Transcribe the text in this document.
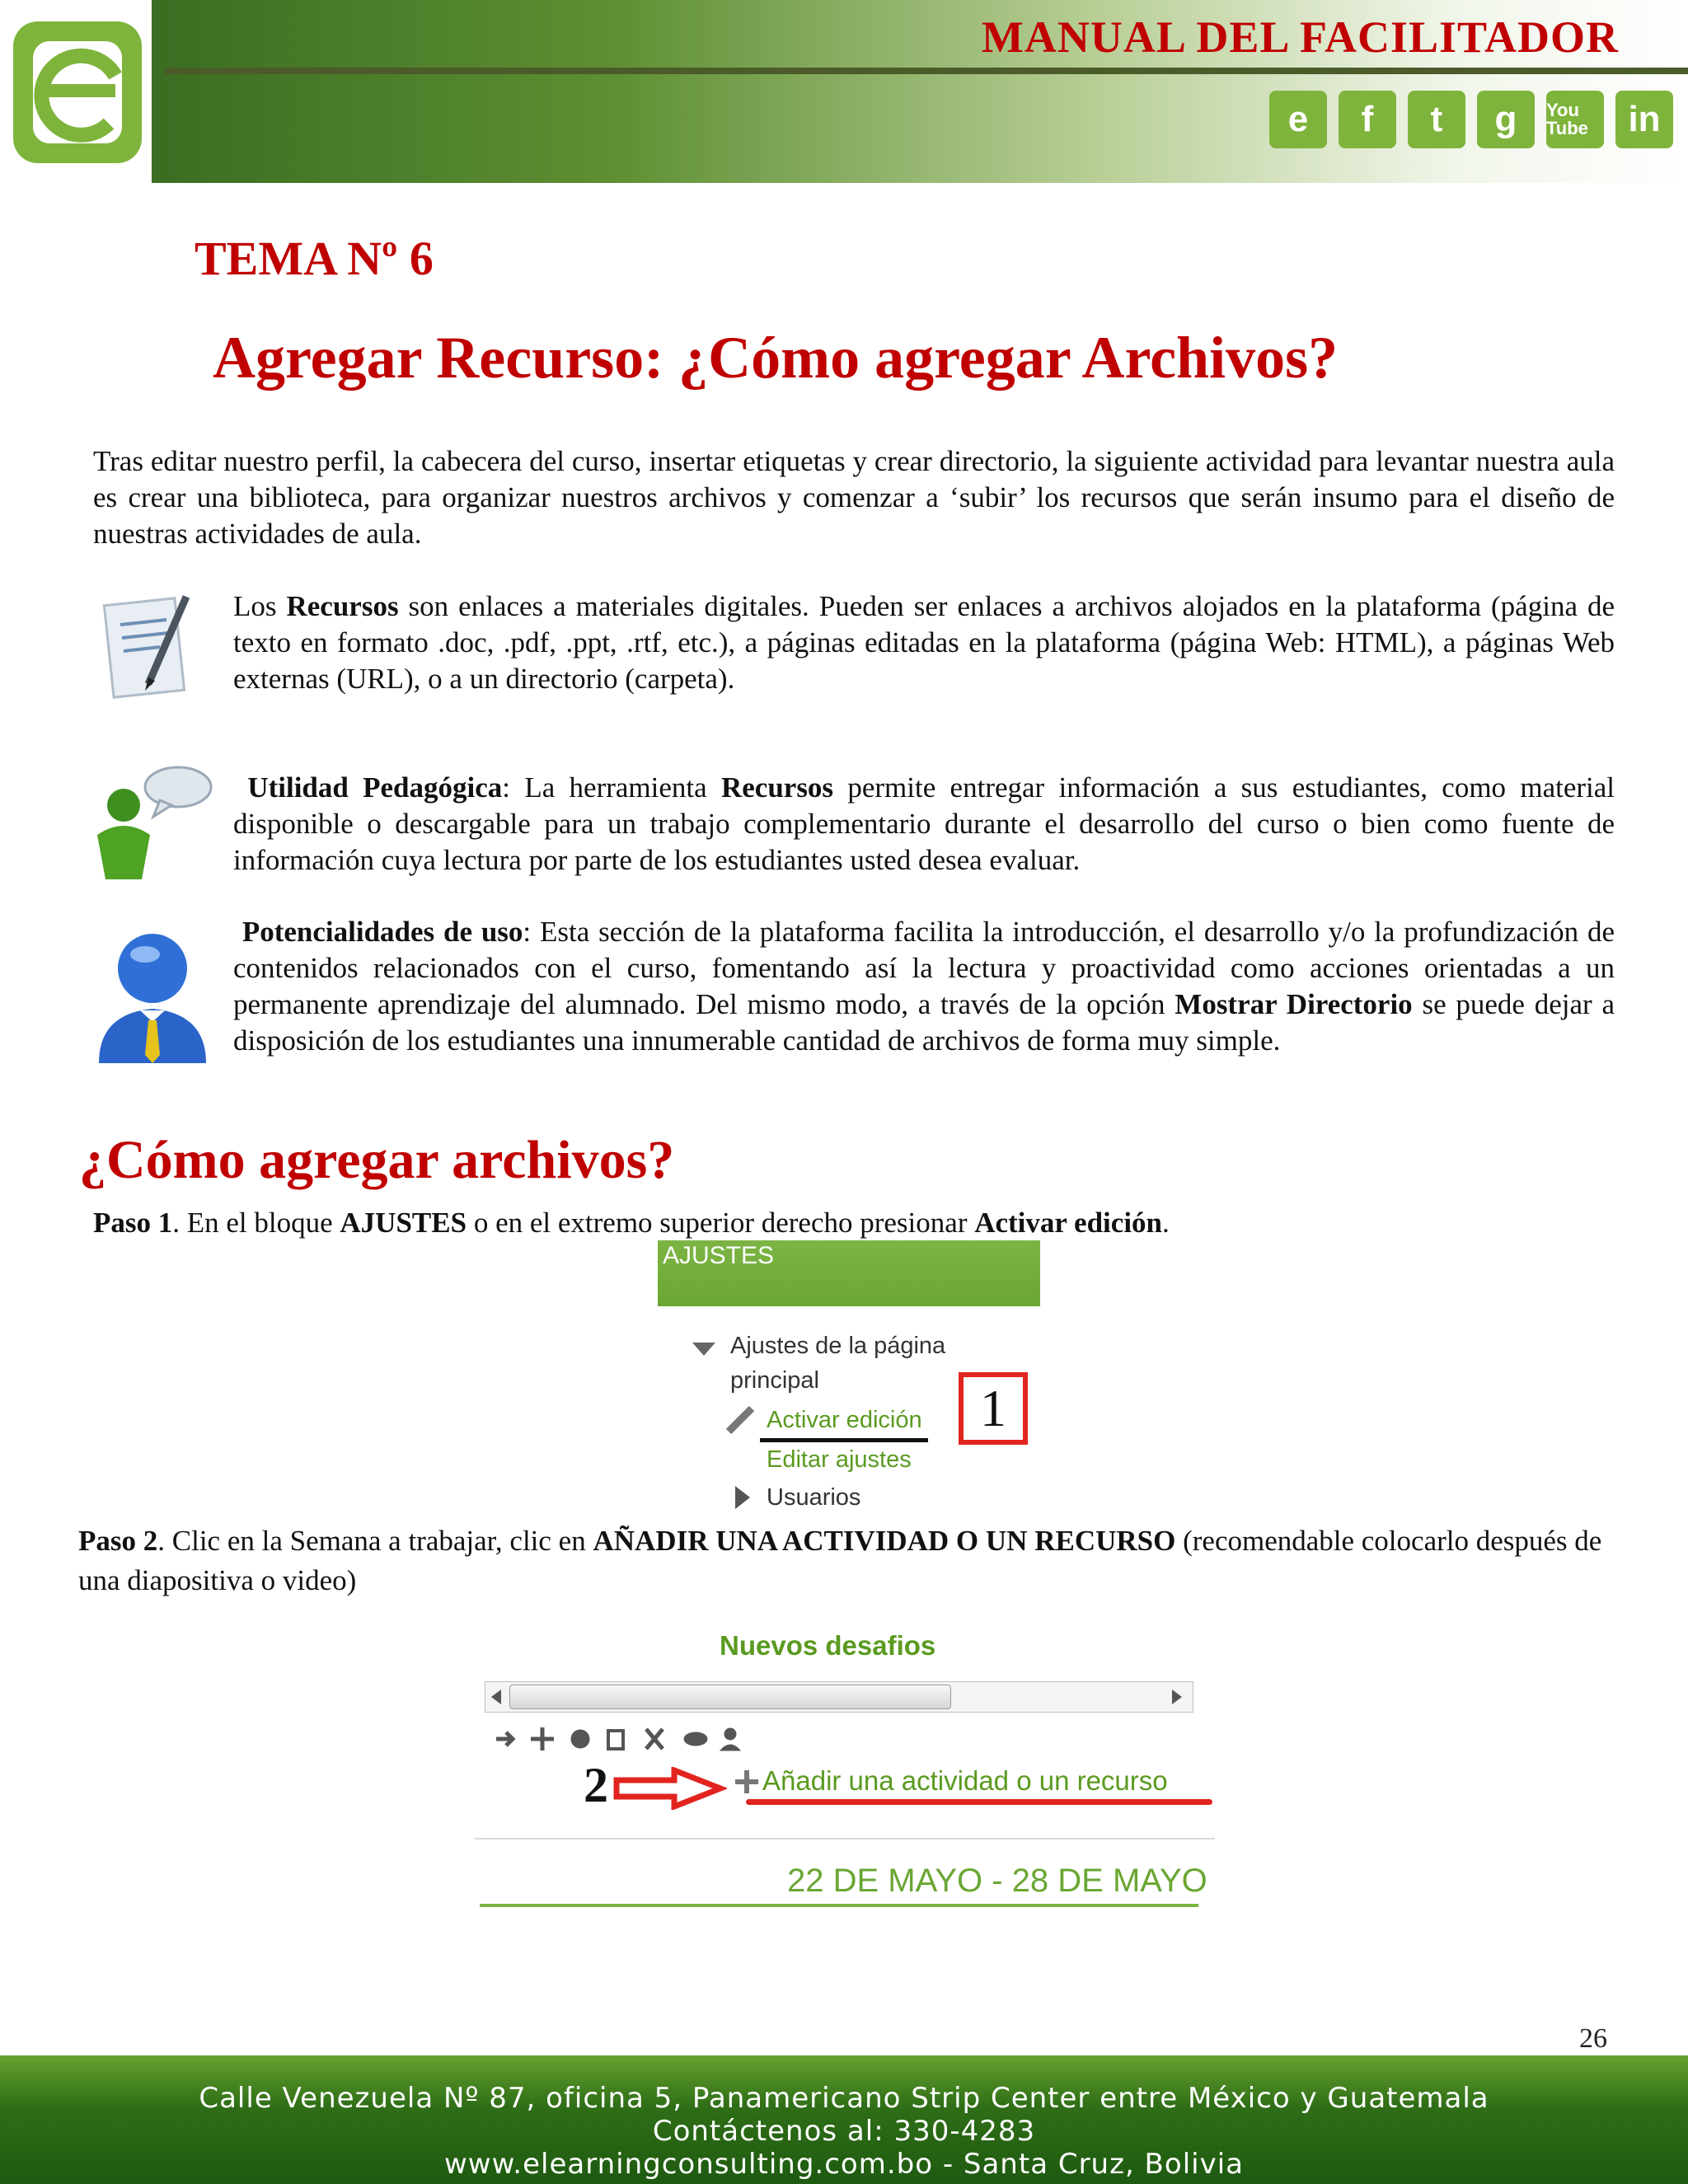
MANUAL DEL FACILITADOR
e	f	t	g	You Tube	in
TEMA Nº 6
Agregar Recurso: ¿Cómo agregar Archivos?
Tras editar nuestro perfil, la cabecera del curso, insertar etiquetas y crear directorio, la siguiente actividad para levantar nuestra aula es crear una biblioteca, para organizar nuestros archivos y comenzar a ‘subir’ los recursos que serán insumo para el diseño de nuestras actividades de aula.
Los Recursos son enlaces a materiales digitales. Pueden ser enlaces a archivos alojados en la plataforma (página de texto en formato .doc, .pdf, .ppt, .rtf, etc.), a páginas editadas en la plataforma (página Web: HTML), a páginas Web externas (URL), o a un directorio (carpeta).
Utilidad Pedagógica: La herramienta Recursos permite entregar información a sus estudiantes, como material disponible o descargable para un trabajo complementario durante el desarrollo del curso o bien como fuente de información cuya lectura por parte de los estudiantes usted desea evaluar.
Potencialidades de uso: Esta sección de la plataforma facilita la introducción, el desarrollo y/o la profundización de contenidos relacionados con el curso, fomentando así la lectura y proactividad como acciones orientadas a un permanente aprendizaje del alumnado. Del mismo modo, a través de la opción Mostrar Directorio se puede dejar a disposición de los estudiantes una innumerable cantidad de archivos de forma muy simple.
¿Cómo agregar archivos?
Paso 1. En el bloque AJUSTES o en el extremo superior derecho presionar Activar edición.
AJUSTES
Ajustes de la página
principal
Activar edición
Editar ajustes
Usuarios
1
Paso 2. Clic en la Semana a trabajar, clic en AÑADIR UNA ACTIVIDAD O UN RECURSO (recomendable colocarlo después de una diapositiva o video)
Nuevos desafios
2	Añadir una actividad o un recurso
22 DE MAYO - 28 DE MAYO
26
Calle Venezuela Nº 87, oficina 5, Panamericano Strip Center entre México y Guatemala
Contáctenos al: 330-4283
www.elearningconsulting.com.bo - Santa Cruz, Bolivia
